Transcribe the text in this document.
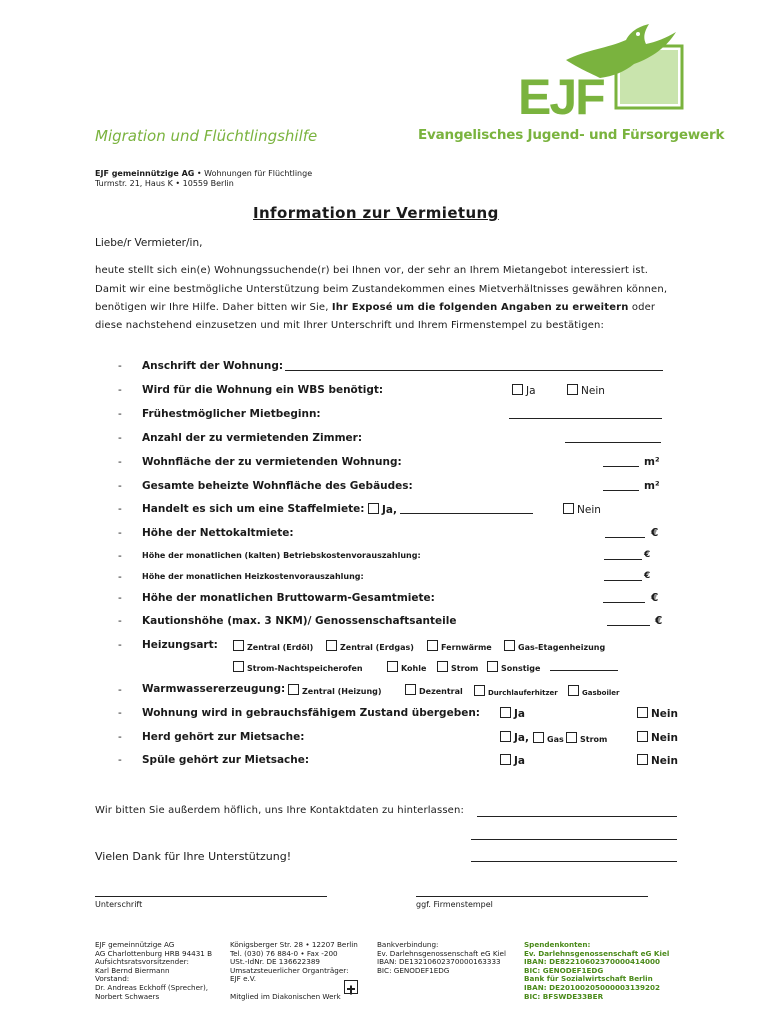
EJF
Migration und Flüchtlingshilfe	Evangelisches Jugend- und Fürsorgewerk
EJF gemeinnützige AG • Wohnungen für Flüchtlinge
Turmstr. 21, Haus K • 10559 Berlin
Information zur Vermietung
Liebe/r Vermieter/in,
heute stellt sich ein(e) Wohnungssuchende(r) bei Ihnen vor, der sehr an Ihrem Mietangebot interessiert ist.
Damit wir eine bestmögliche Unterstützung beim Zustandekommen eines Mietverhältnisses gewähren können,
benötigen wir Ihre Hilfe. Daher bitten wir Sie, Ihr Exposé um die folgenden Angaben zu erweitern oder
diese nachstehend einzusetzen und mit Ihrer Unterschrift und Ihrem Firmenstempel zu bestätigen:
- Anschrift der Wohnung:
- Wird für die Wohnung ein WBS benötigt:	Ja	Nein
- Frühestmöglicher Mietbeginn:
- Anzahl der zu vermietenden Zimmer:
- Wohnfläche der zu vermietenden Wohnung:	m²
- Gesamte beheizte Wohnfläche des Gebäudes:	m²
- Handelt es sich um eine Staffelmiete:	Ja,	Nein
- Höhe der Nettokaltmiete:	€
-	Höhe der monatlichen (kalten) Betriebskostenvorauszahlung:	€
-	Höhe der monatlichen Heizkostenvorauszahlung:	€
- Höhe der monatlichen Bruttowarm-Gesamtmiete:	€
- Kautionshöhe (max. 3 NKM)/ Genossenschaftsanteile	€
- Heizungsart:	Zentral (Erdöl)	Zentral (Erdgas)	Fernwärme	Gas-Etagenheizung
Strom-Nachtspeicherofen	Kohle	Strom	Sonstige
- Warmwassererzeugung:	Zentral (Heizung)	Dezentral	Durchlauferhitzer	Gasboiler
- Wohnung wird in gebrauchsfähigem Zustand übergeben:	Ja	Nein
- Herd gehört zur Mietsache:	Ja,	Gas	Strom	Nein
- Spüle gehört zur Mietsache:	Ja	Nein
Wir bitten Sie außerdem höflich, uns Ihre Kontaktdaten zu hinterlassen:
Vielen Dank für Ihre Unterstützung!
Unterschrift	ggf. Firmenstempel
EJF gemeinnützige AG
AG Charlottenburg HRB 94431 B
Aufsichtsratsvorsitzender:
Karl Bernd Biermann
Vorstand:
Dr. Andreas Eckhoff (Sprecher),
Norbert Schwaers
Königsberger Str. 28 • 12207 Berlin
Tel. (030) 76 884-0 • Fax -200
USt.-IdNr. DE 136622389
Umsatzsteuerlicher Organträger:
EJF e.V.
Mitglied im Diakonischen Werk
Bankverbindung:
Ev. Darlehnsgenossenschaft eG Kiel
IBAN: DE13210602370000163333
BIC: GENODEF1EDG
Spendenkonten:
Ev. Darlehnsgenossenschaft eG Kiel
IBAN: DE82210602370000414000
BIC: GENODEF1EDG
Bank für Sozialwirtschaft Berlin
IBAN: DE20100205000003139202
BIC: BFSWDE33BER
